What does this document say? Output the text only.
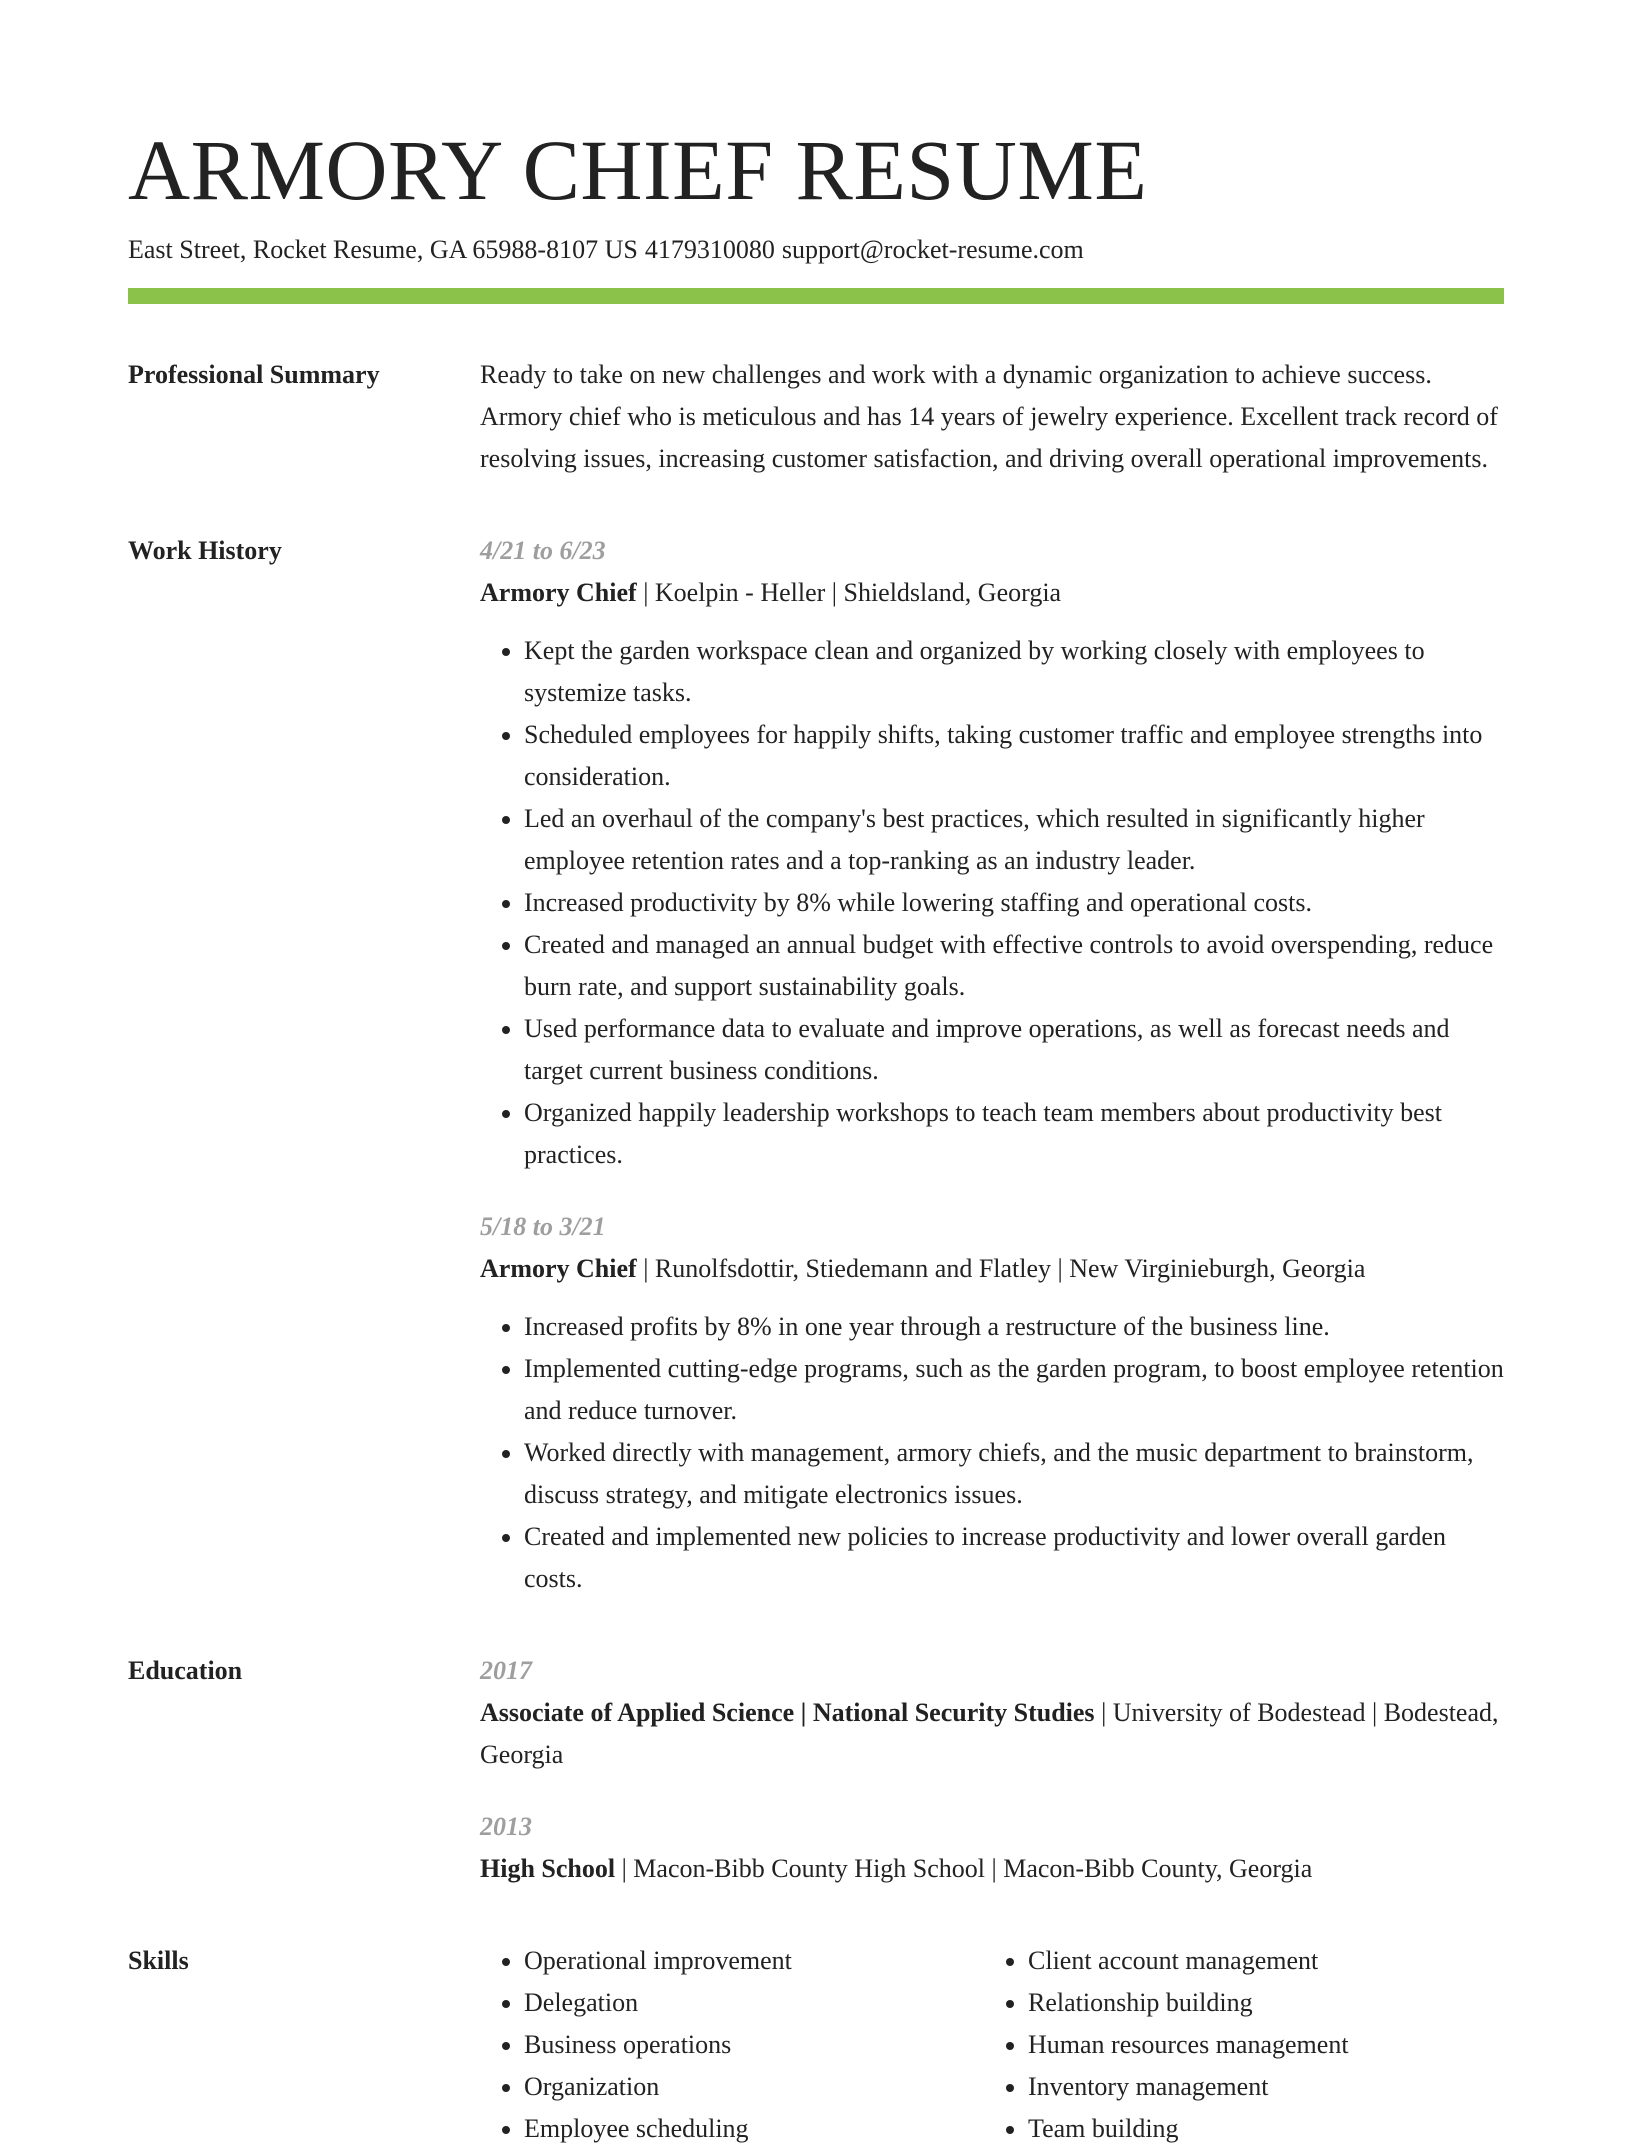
ARMORY CHIEF RESUME
East Street, Rocket Resume, GA 65988-8107 US 4179310080 support@rocket-resume.com
Professional Summary	Ready to take on new challenges and work with a dynamic organization to achieve success. Armory chief who is meticulous and has 14 years of jewelry experience. Excellent track record of resolving issues, increasing customer satisfaction, and driving overall operational improvements.

Work History	4/21 to 6/23
Armory Chief | Koelpin - Heller | Shieldsland, Georgia
• Kept the garden workspace clean and organized by working closely with employees to systemize tasks.
• Scheduled employees for happily shifts, taking customer traffic and employee strengths into consideration.
• Led an overhaul of the company's best practices, which resulted in significantly higher employee retention rates and a top-ranking as an industry leader.
• Increased productivity by 8% while lowering staffing and operational costs.
• Created and managed an annual budget with effective controls to avoid overspending, reduce burn rate, and support sustainability goals.
• Used performance data to evaluate and improve operations, as well as forecast needs and target current business conditions.
• Organized happily leadership workshops to teach team members about productivity best practices.
5/18 to 3/21
Armory Chief | Runolfsdottir, Stiedemann and Flatley | New Virginieburgh, Georgia
• Increased profits by 8% in one year through a restructure of the business line.
• Implemented cutting-edge programs, such as the garden program, to boost employee retention and reduce turnover.
• Worked directly with management, armory chiefs, and the music department to brainstorm, discuss strategy, and mitigate electronics issues.
• Created and implemented new policies to increase productivity and lower overall garden costs.
Education	2017
Associate of Applied Science | National Security Studies | University of Bodestead | Bodestead, Georgia
2013
High School | Macon-Bibb County High School | Macon-Bibb County, Georgia
Skills
•	Operational improvement
• Delegation
• Business operations
• Organization
• Employee scheduling
• Client account management
• Relationship building
• Human resources management
• Inventory management
• Team building
